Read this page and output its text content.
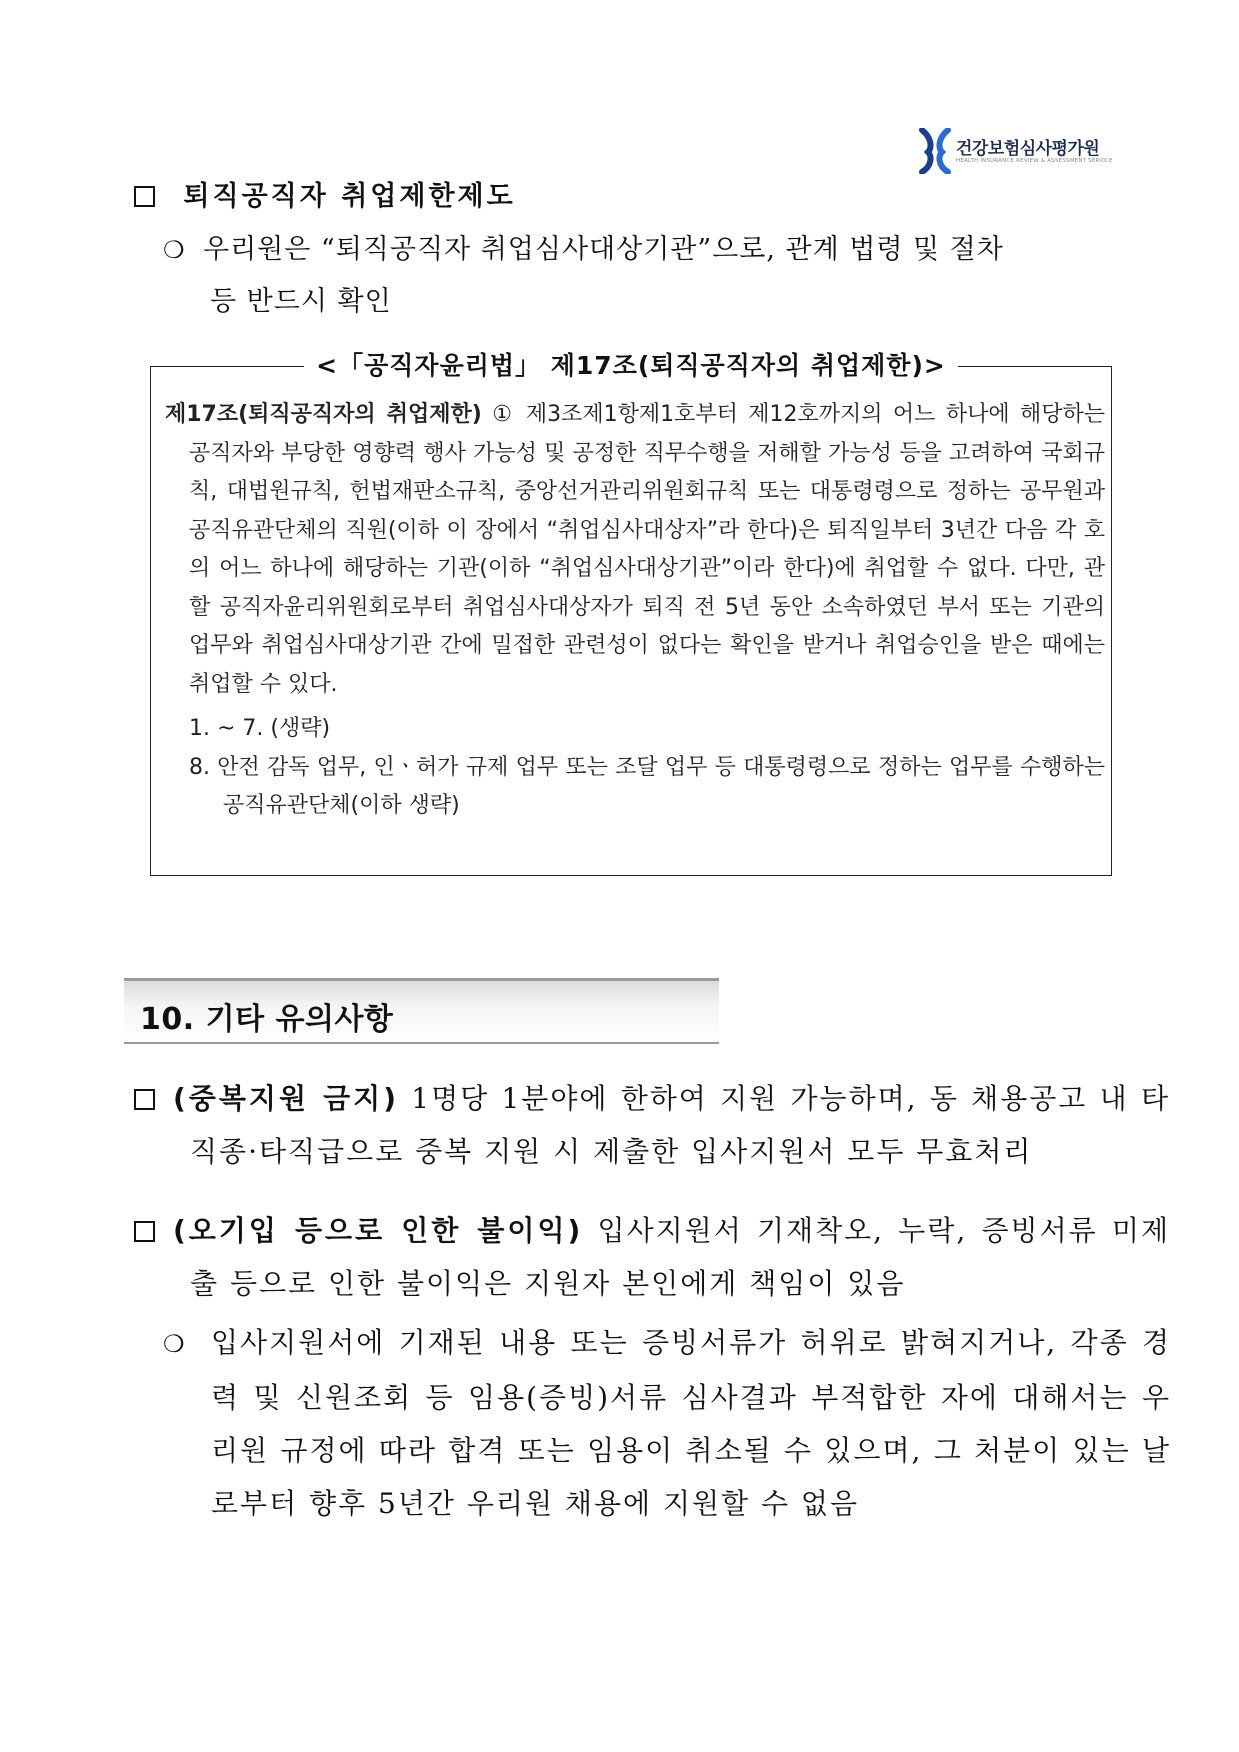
건강보험심사평가원
HEALTH INSURANCE REVIEW & ASSESSMENT SERVICE
퇴직공직자 취업제한제도
❍ 우리원은 “퇴직공직자 취업심사대상기관”으로, 관계 법령 및 절차
등 반드시 확인
<「공직자윤리법」 제17조(퇴직공직자의 취업제한)>

제17조(퇴직공직자의 취업제한) ① 제3조제1항제1호부터 제12호까지의 어느 하나에 해당하는 공직자와 부당한 영향력 행사 가능성 및 공정한 직무수행을 저해할 가능성 등을 고려하여 국회규칙, 대법원규칙, 헌법재판소규칙, 중앙선거관리위원회규칙 또는 대통령령으로 정하는 공무원과 공직유관단체의 직원(이하 이 장에서 “취업심사대상자”라 한다)은 퇴직일부터 3년간 다음 각 호의 어느 하나에 해당하는 기관(이하 “취업심사대상기관”이라 한다)에 취업할 수 없다. 다만, 관할 공직자윤리위원회로부터 취업심사대상자가 퇴직 전 5년 동안 소속하였던 부서 또는 기관의 업무와 취업심사대상기관 간에 밀접한 관련성이 없다는 확인을 받거나 취업승인을 받은 때에는 취업할 수 있다.

1. ~ 7. (생략)

8. 안전 감독 업무, 인ㆍ허가 규제 업무 또는 조달 업무 등 대통령령으로 정하는 업무를 수행하는 공직유관단체(이하 생략)

10. 기타 유의사항
(중복지원 금지) 1명당 1분야에 한하여 지원 가능하며, 동 채용공고 내 타직종·타직급으로 중복 지원 시 제출한 입사지원서 모두 무효처리
(오기입 등으로 인한 불이익) 입사지원서 기재착오, 누락, 증빙서류 미제출 등으로 인한 불이익은 지원자 본인에게 책임이 있음
❍ 입사지원서에 기재된 내용 또는 증빙서류가 허위로 밝혀지거나, 각종 경력 및 신원조회 등 임용(증빙)서류 심사결과 부적합한 자에 대해서는 우리원 규정에 따라 합격 또는 임용이 취소될 수 있으며, 그 처분이 있는 날로부터 향후 5년간 우리원 채용에 지원할 수 없음
